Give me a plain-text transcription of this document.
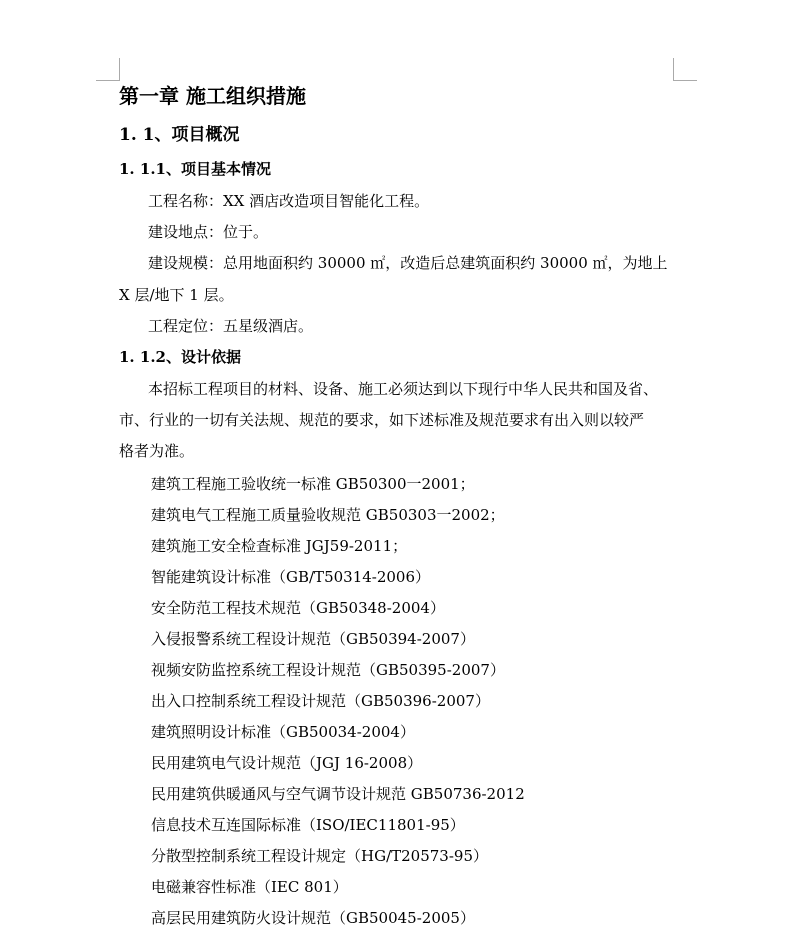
第一章 施工组织措施
1. 1、项目概况
1. 1.1、项目基本情况
工程名称：XX 酒店改造项目智能化工程。
建设地点：位于。
建设规模：总用地面积约 30000 ㎡，改造后总建筑面积约 30000 ㎡，为地上
X 层/地下 1 层。
工程定位：五星级酒店。
1. 1.2、设计依据
本招标工程项目的材料、设备、施工必须达到以下现行中华人民共和国及省、
市、行业的一切有关法规、规范的要求，如下述标准及规范要求有出入则以较严
格者为准。
建筑工程施工验收统一标准 GB50300一2001；
建筑电气工程施工质量验收规范 GB50303一2002；
建筑施工安全检查标准 JGJ59-2011；
智能建筑设计标准（GB/T50314-2006）
安全防范工程技术规范（GB50348-2004）
入侵报警系统工程设计规范（GB50394-2007）
视频安防监控系统工程设计规范（GB50395-2007）
出入口控制系统工程设计规范（GB50396-2007）
建筑照明设计标准（GB50034-2004）
民用建筑电气设计规范（JGJ 16-2008）
民用建筑供暖通风与空气调节设计规范 GB50736-2012
信息技术互连国际标准（ISO/IEC11801-95）
分散型控制系统工程设计规定（HG/T20573-95）
电磁兼容性标准（IEC 801）
高层民用建筑防火设计规范（GB50045-2005）
